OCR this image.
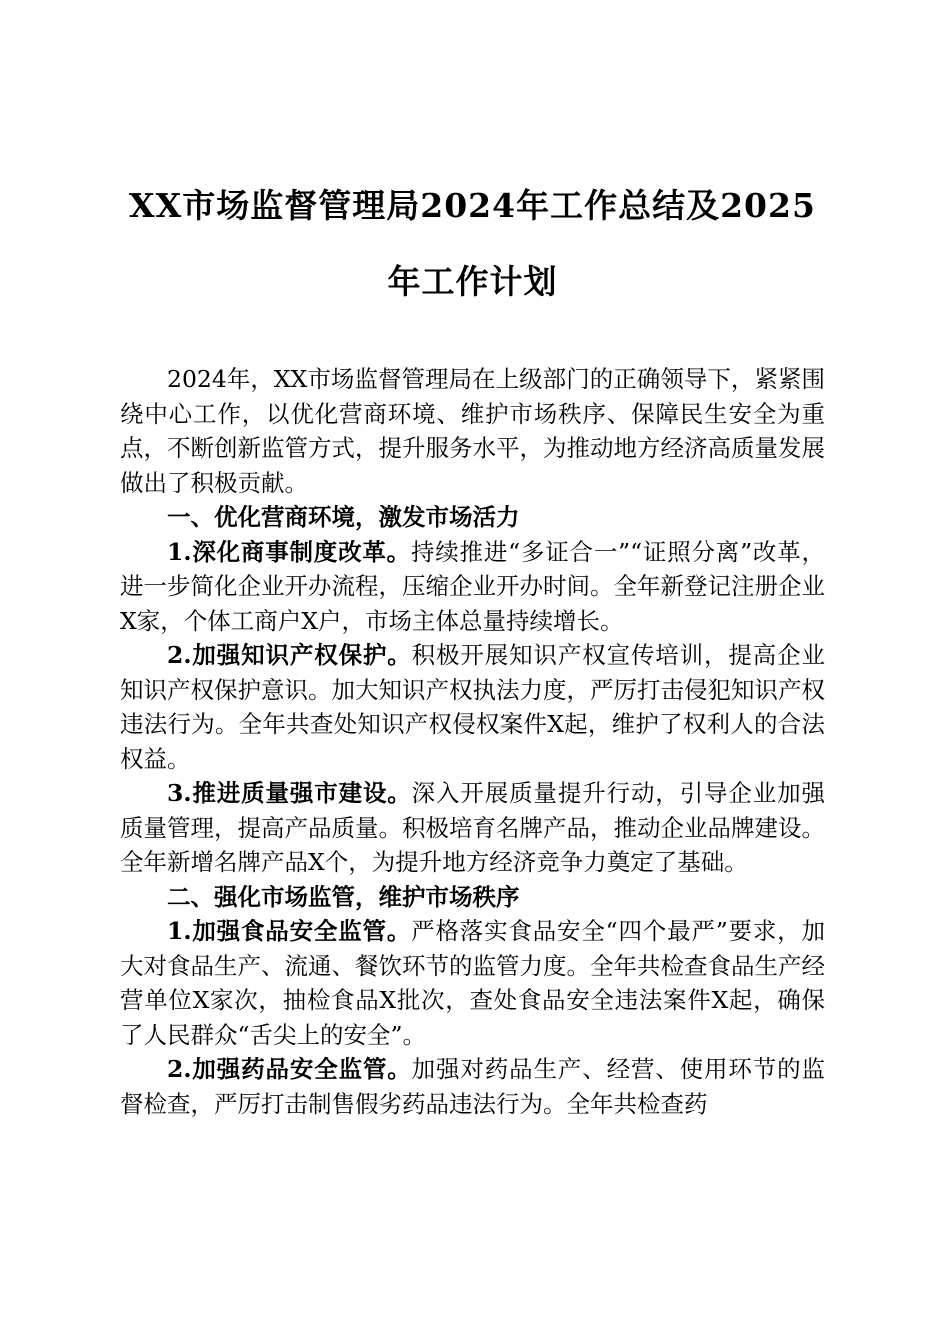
XX市场监督管理局2024年工作总结及2025
年工作计划

2024年，XX市场监督管理局在上级部门的正确领导下，紧紧围绕中心工作，以优化营商环境、维护市场秩序、保障民生安全为重点，不断创新监管方式，提升服务水平，为推动地方经济高质量发展做出了积极贡献。

一、优化营商环境，激发市场活力

1.深化商事制度改革。持续推进“多证合一”“证照分离”改革，进一步简化企业开办流程，压缩企业开办时间。全年新登记注册企业X家，个体工商户X户，市场主体总量持续增长。

2.加强知识产权保护。积极开展知识产权宣传培训，提高企业知识产权保护意识。加大知识产权执法力度，严厉打击侵犯知识产权违法行为。全年共查处知识产权侵权案件X起，维护了权利人的合法权益。

3.推进质量强市建设。深入开展质量提升行动，引导企业加强质量管理，提高产品质量。积极培育名牌产品，推动企业品牌建设。全年新增名牌产品X个，为提升地方经济竞争力奠定了基础。

二、强化市场监管，维护市场秩序

1.加强食品安全监管。严格落实食品安全“四个最严”要求，加大对食品生产、流通、餐饮环节的监管力度。全年共检查食品生产经营单位X家次，抽检食品X批次，查处食品安全违法案件X起，确保了人民群众“舌尖上的安全”。

2.加强药品安全监管。加强对药品生产、经营、使用环节的监督检查，严厉打击制售假劣药品违法行为。全年共检查药
